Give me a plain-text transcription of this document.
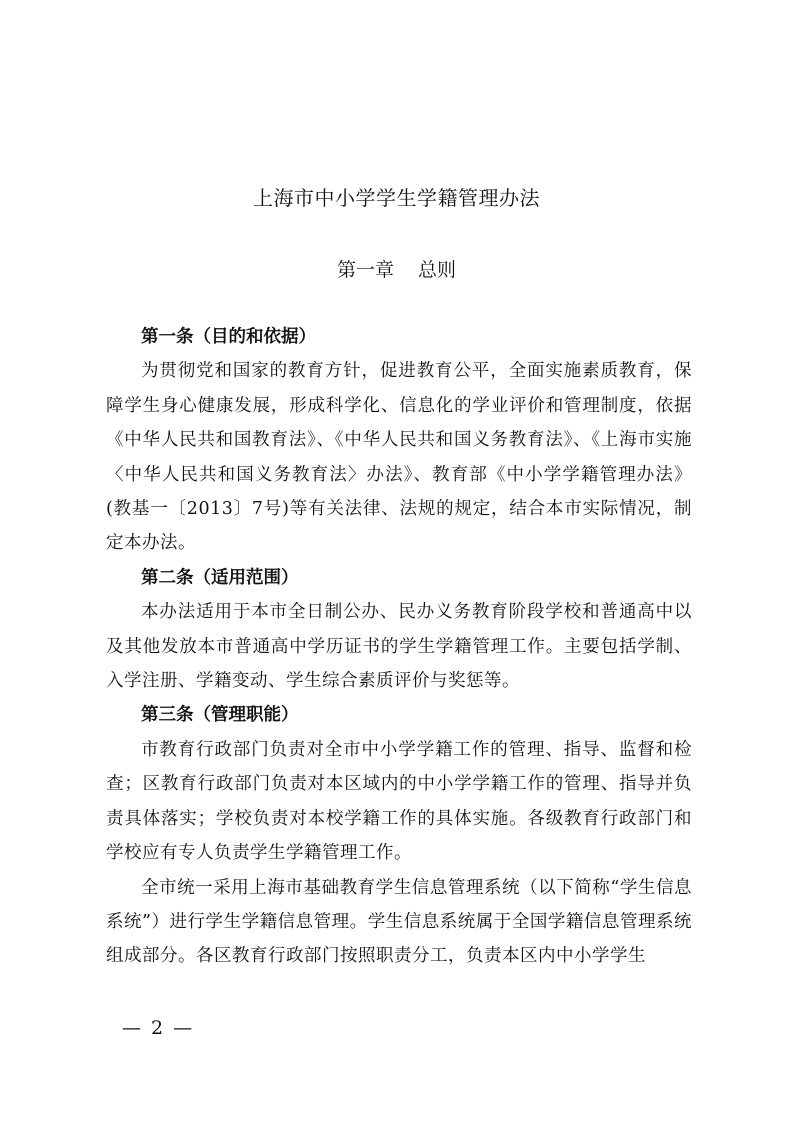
上海市中小学学生学籍管理办法
第一章 总则

第一条（目的和依据）

为贯彻党和国家的教育方针，促进教育公平，全面实施素质教育，保障学生身心健康发展，形成科学化、信息化的学业评价和管理制度，依据《中华人民共和国教育法》、《中华人民共和国义务教育法》、《上海市实施〈中华人民共和国义务教育法〉办法》、教育部《中小学学籍管理办法》(教基一〔2013〕7号)等有关法律、法规的规定，结合本市实际情况，制定本办法。

第二条（适用范围）

本办法适用于本市全日制公办、民办义务教育阶段学校和普通高中以及其他发放本市普通高中学历证书的学生学籍管理工作。主要包括学制、入学注册、学籍变动、学生综合素质评价与奖惩等。

第三条（管理职能）

市教育行政部门负责对全市中小学学籍工作的管理、指导、监督和检查；区教育行政部门负责对本区域内的中小学学籍工作的管理、指导并负责具体落实；学校负责对本校学籍工作的具体实施。各级教育行政部门和学校应有专人负责学生学籍管理工作。

全市统一采用上海市基础教育学生信息管理系统（以下简称“学生信息系统”）进行学生学籍信息管理。学生信息系统属于全国学籍信息管理系统组成部分。各区教育行政部门按照职责分工，负责本区内中小学学生

— 2 —
